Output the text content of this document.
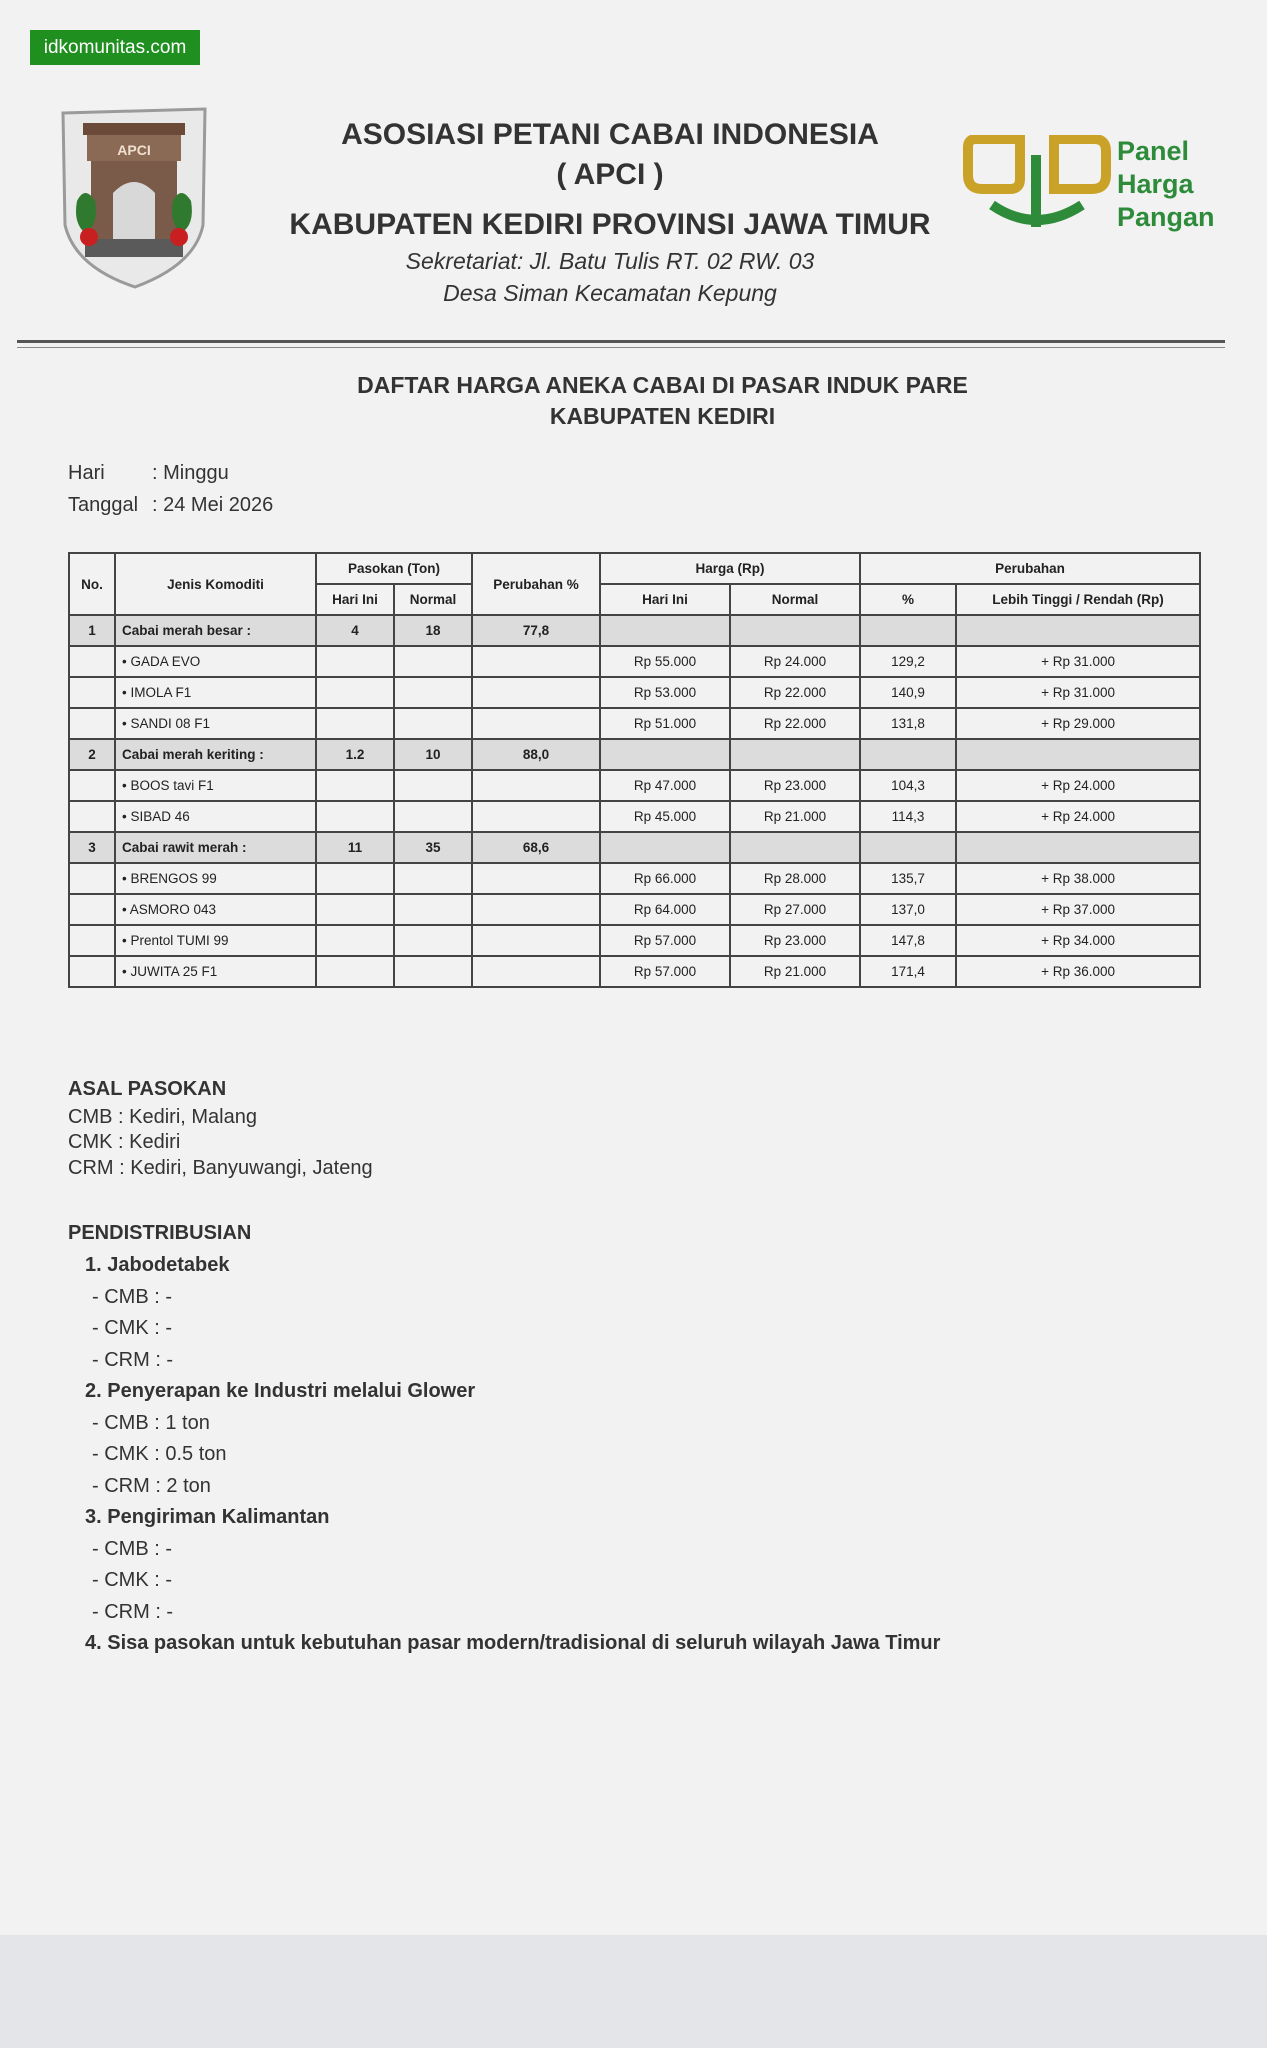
idkomunitas.com
APCI	Panel
Harga
Pangan
ASOSIASI PETANI CABAI INDONESIA
( APCI )
KABUPATEN KEDIRI PROVINSI JAWA TIMUR
Sekretariat: Jl. Batu Tulis RT. 02 RW. 03
Desa Siman Kecamatan Kepung
DAFTAR HARGA ANEKA CABAI DI PASAR INDUK PARE
KABUPATEN KEDIRI
Hari : Minggu
Tanggal : 24 Mei 2026
No.	Jenis Komoditi	Pasokan (Ton)		Perubahan %	Harga (Rp)		Perubahan	
		Hari Ini	Normal		Hari Ini	Normal	%	Lebih Tinggi / Rendah (Rp)
1	Cabai merah besar :	4	18	77,8				
	• GADA EVO				Rp 55.000	Rp 24.000	129,2	+ Rp 31.000
	• IMOLA F1				Rp 53.000	Rp 22.000	140,9	+ Rp 31.000
	• SANDI 08 F1				Rp 51.000	Rp 22.000	131,8	+ Rp 29.000
2	Cabai merah keriting :	1.2	10	88,0				
	• BOOS tavi F1				Rp 47.000	Rp 23.000	104,3	+ Rp 24.000
	• SIBAD 46				Rp 45.000	Rp 21.000	114,3	+ Rp 24.000
3	Cabai rawit merah :	11	35	68,6				
	• BRENGOS 99				Rp 66.000	Rp 28.000	135,7	+ Rp 38.000
	• ASMORO 043				Rp 64.000	Rp 27.000	137,0	+ Rp 37.000
	• Prentol TUMI 99				Rp 57.000	Rp 23.000	147,8	+ Rp 34.000
	• JUWITA 25 F1				Rp 57.000	Rp 21.000	171,4	+ Rp 36.000
ASAL PASOKAN
CMB : Kediri, Malang
CMK : Kediri
CRM : Kediri, Banyuwangi, Jateng
PENDISTRIBUSIAN
1. Jabodetabek
- CMB : -
- CMK : -
- CRM : -
2. Penyerapan ke Industri melalui Glower
- CMB : 1 ton
- CMK : 0.5 ton
- CRM : 2 ton
3. Pengiriman Kalimantan
- CMB : -
- CMK : -
- CRM : -
4. Sisa pasokan untuk kebutuhan pasar modern/tradisional di seluruh wilayah Jawa Timur
